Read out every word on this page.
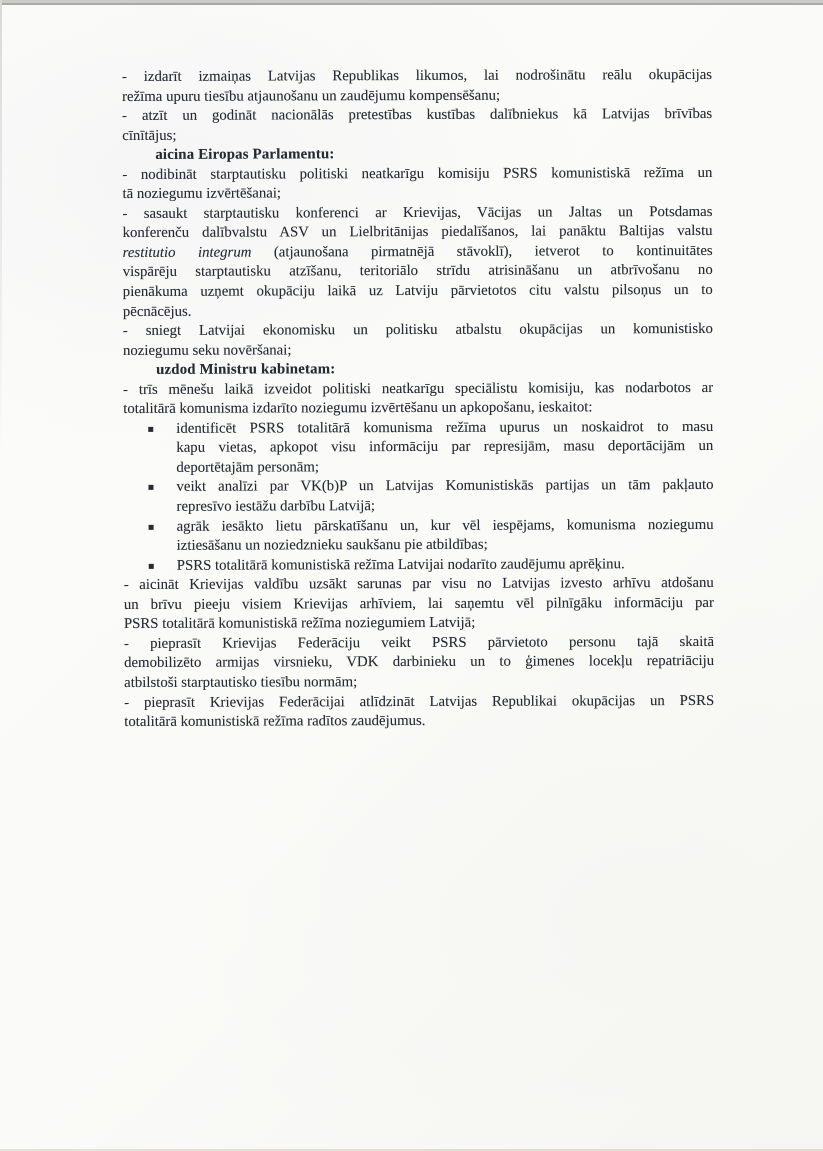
- izdarīt izmaiņas Latvijas Republikas likumos, lai nodrošinātu reālu okupācijas
režīma upuru tiesību atjaunošanu un zaudējumu kompensēšanu;
- atzīt un godināt nacionālās pretestības kustības dalībniekus kā Latvijas brīvības
cīnītājus;
aicina Eiropas Parlamentu:
- nodibināt starptautisku politiski neatkarīgu komisiju PSRS komunistiskā režīma un
tā noziegumu izvērtēšanai;
- sasaukt starptautisku konferenci ar Krievijas, Vācijas un Jaltas un Potsdamas
konferenču dalībvalstu ASV un Lielbritānijas piedalīšanos, lai panāktu Baltijas valstu
restitutio integrum (atjaunošana pirmatnējā stāvoklī), ietverot to kontinuitātes
vispārēju starptautisku atzīšanu, teritoriālo strīdu atrisināšanu un atbrīvošanu no
pienākuma uzņemt okupāciju laikā uz Latviju pārvietotos citu valstu pilsoņus un to
pēcnācējus.
- sniegt Latvijai ekonomisku un politisku atbalstu okupācijas un komunistisko
noziegumu seku novēršanai;
uzdod Ministru kabinetam:
- trīs mēnešu laikā izveidot politiski neatkarīgu speciālistu komisiju, kas nodarbotos ar
totalitārā komunisma izdarīto noziegumu izvērtēšanu un apkopošanu, ieskaitot:
identificēt PSRS totalitārā komunisma režīma upurus un noskaidrot to masu
kapu vietas, apkopot visu informāciju par represijām, masu deportācijām un
deportētajām personām;
veikt analīzi par VK(b)P un Latvijas Komunistiskās partijas un tām pakļauto
represīvo iestāžu darbību Latvijā;
agrāk iesākto lietu pārskatīšanu un, kur vēl iespējams, komunisma noziegumu
iztiesāšanu un noziedznieku saukšanu pie atbildības;
PSRS totalitārā komunistiskā režīma Latvijai nodarīto zaudējumu aprēķinu.
- aicināt Krievijas valdību uzsākt sarunas par visu no Latvijas izvesto arhīvu atdošanu
un brīvu pieeju visiem Krievijas arhīviem, lai saņemtu vēl pilnīgāku informāciju par
PSRS totalitārā komunistiskā režīma noziegumiem Latvijā;
- pieprasīt Krievijas Federāciju veikt PSRS pārvietoto personu tajā skaitā
demobilizēto armijas virsnieku, VDK darbinieku un to ģimenes locekļu repatriāciju
atbilstoši starptautisko tiesību normām;
- pieprasīt Krievijas Federācijai atlīdzināt Latvijas Republikai okupācijas un PSRS
totalitārā komunistiskā režīma radītos zaudējumus.
